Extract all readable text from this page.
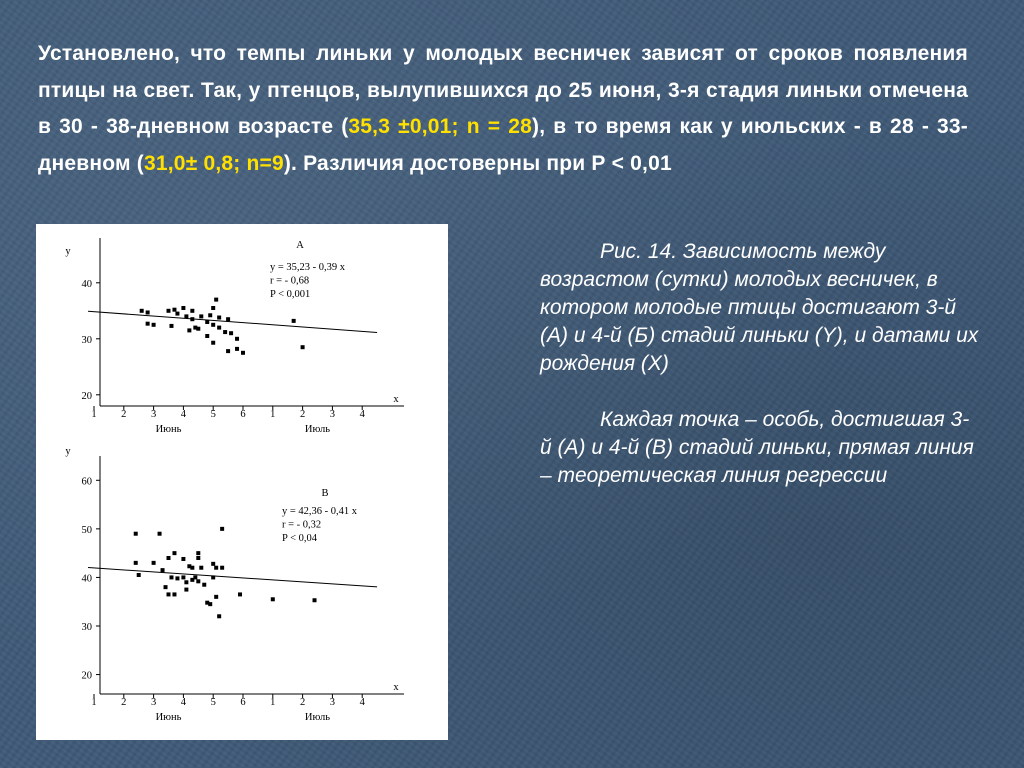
Установлено, что темпы линьки у молодых весничек зависят от сроков появления птицы на свет. Так, у птенцов, вылупившихся до 25 июня, 3-я стадия линьки отмечена в 30 - 38-дневном возрасте (35,3 ±0,01; n = 28), в то время как у июльских - в 28 - 33-дневном (31,0± 0,8; n=9). Различия достоверны при Р < 0,01
y
x
20
30
40
1 2 3 4 5 6 1 2 3 4
Июнь	Июль
А
y = 35,23 - 0,39 x
r = - 0,68
P < 0,001
y
x
20
30
40
50
60
1 2 3 4 5 6 1 2 3 4
Июнь	Июль
В
y = 42,36 - 0,41 x
r = - 0,32
P < 0,04

Рис. 14. Зависимость между возрастом (сутки) молодых весничек, в котором молодые птицы достигают 3-й (А) и 4-й (Б) стадий линьки (Y), и датами их рождения (X)

Каждая точка – особь, достигшая 3-й (А) и 4-й (В) стадий линьки, прямая линия – теоретическая линия регрессии
